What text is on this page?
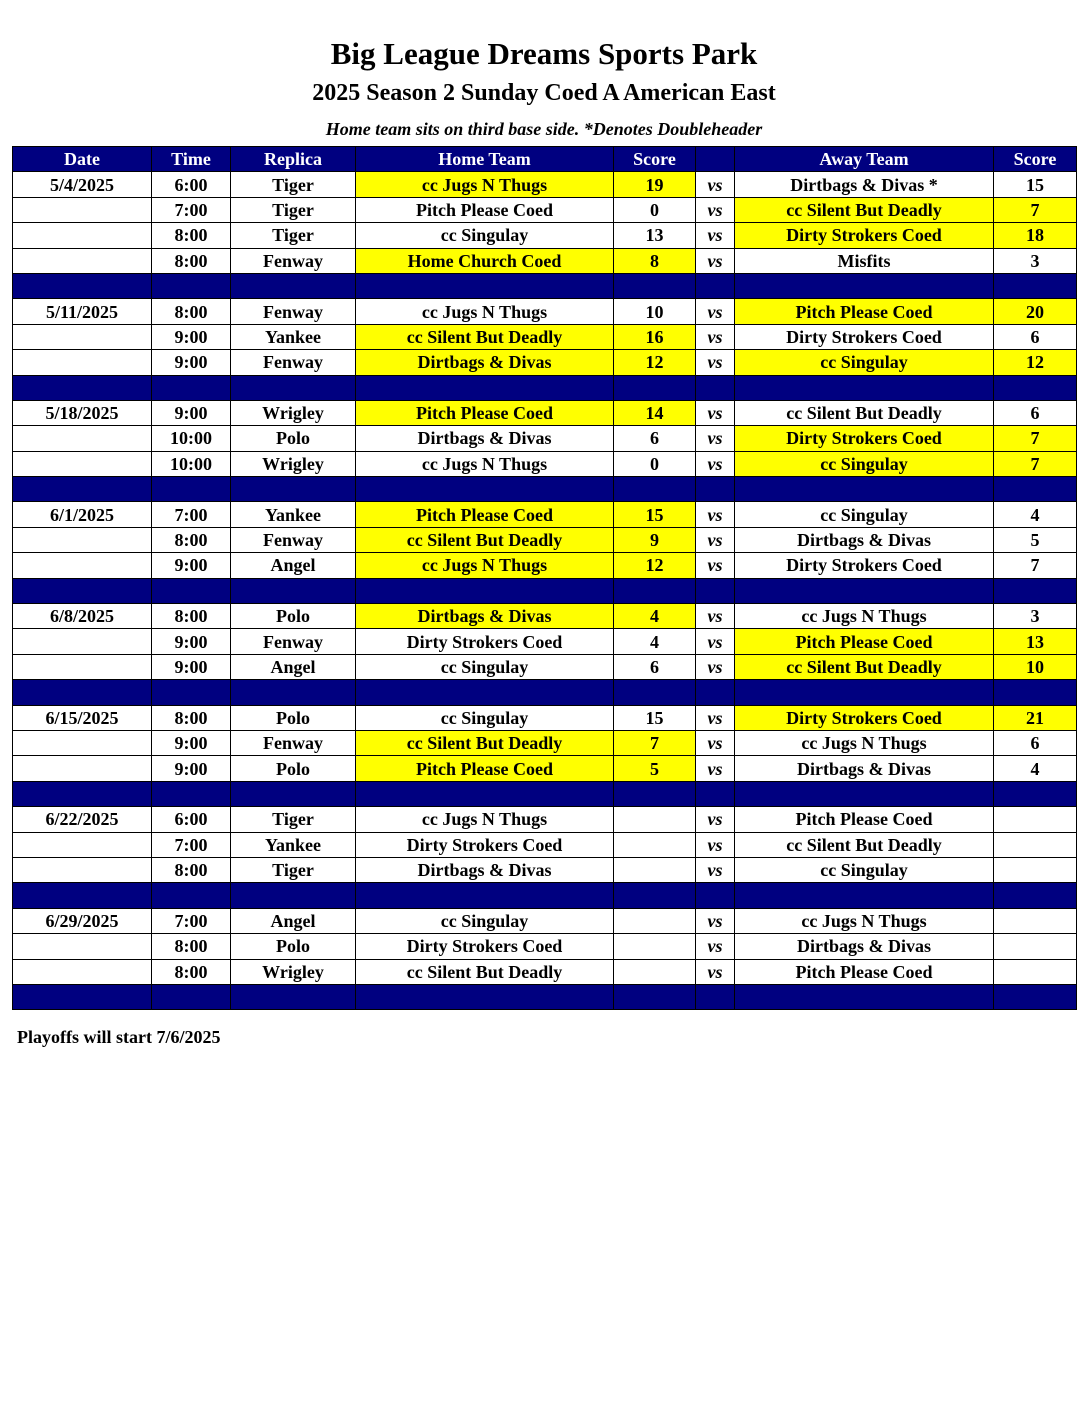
Big League Dreams Sports Park
2025 Season 2 Sunday Coed A American East
Home team sits on third base side. *Denotes Doubleheader
Date	Time	Replica	Home Team	Score		Away Team	Score
5/4/2025	6:00	Tiger	cc Jugs N Thugs	19	vs	Dirtbags & Divas *	15
	7:00	Tiger	Pitch Please Coed	0	vs	cc Silent But Deadly	7
	8:00	Tiger	cc Singulay	13	vs	Dirty Strokers Coed	18
	8:00	Fenway	Home Church Coed	8	vs	Misfits	3

5/11/2025	8:00	Fenway	cc Jugs N Thugs	10	vs	Pitch Please Coed	20
	9:00	Yankee	cc Silent But Deadly	16	vs	Dirty Strokers Coed	6
	9:00	Fenway	Dirtbags & Divas	12	vs	cc Singulay	12

5/18/2025	9:00	Wrigley	Pitch Please Coed	14	vs	cc Silent But Deadly	6
	10:00	Polo	Dirtbags & Divas	6	vs	Dirty Strokers Coed	7
	10:00	Wrigley	cc Jugs N Thugs	0	vs	cc Singulay	7

6/1/2025	7:00	Yankee	Pitch Please Coed	15	vs	cc Singulay	4
	8:00	Fenway	cc Silent But Deadly	9	vs	Dirtbags & Divas	5
	9:00	Angel	cc Jugs N Thugs	12	vs	Dirty Strokers Coed	7

6/8/2025	8:00	Polo	Dirtbags & Divas	4	vs	cc Jugs N Thugs	3
	9:00	Fenway	Dirty Strokers Coed	4	vs	Pitch Please Coed	13
	9:00	Angel	cc Singulay	6	vs	cc Silent But Deadly	10

6/15/2025	8:00	Polo	cc Singulay	15	vs	Dirty Strokers Coed	21
	9:00	Fenway	cc Silent But Deadly	7	vs	cc Jugs N Thugs	6
	9:00	Polo	Pitch Please Coed	5	vs	Dirtbags & Divas	4

6/22/2025	6:00	Tiger	cc Jugs N Thugs		vs	Pitch Please Coed	
	7:00	Yankee	Dirty Strokers Coed		vs	cc Silent But Deadly	
	8:00	Tiger	Dirtbags & Divas		vs	cc Singulay	

6/29/2025	7:00	Angel	cc Singulay		vs	cc Jugs N Thugs	
	8:00	Polo	Dirty Strokers Coed		vs	Dirtbags & Divas	
	8:00	Wrigley	cc Silent But Deadly		vs	Pitch Please Coed	

Playoffs will start 7/6/2025
